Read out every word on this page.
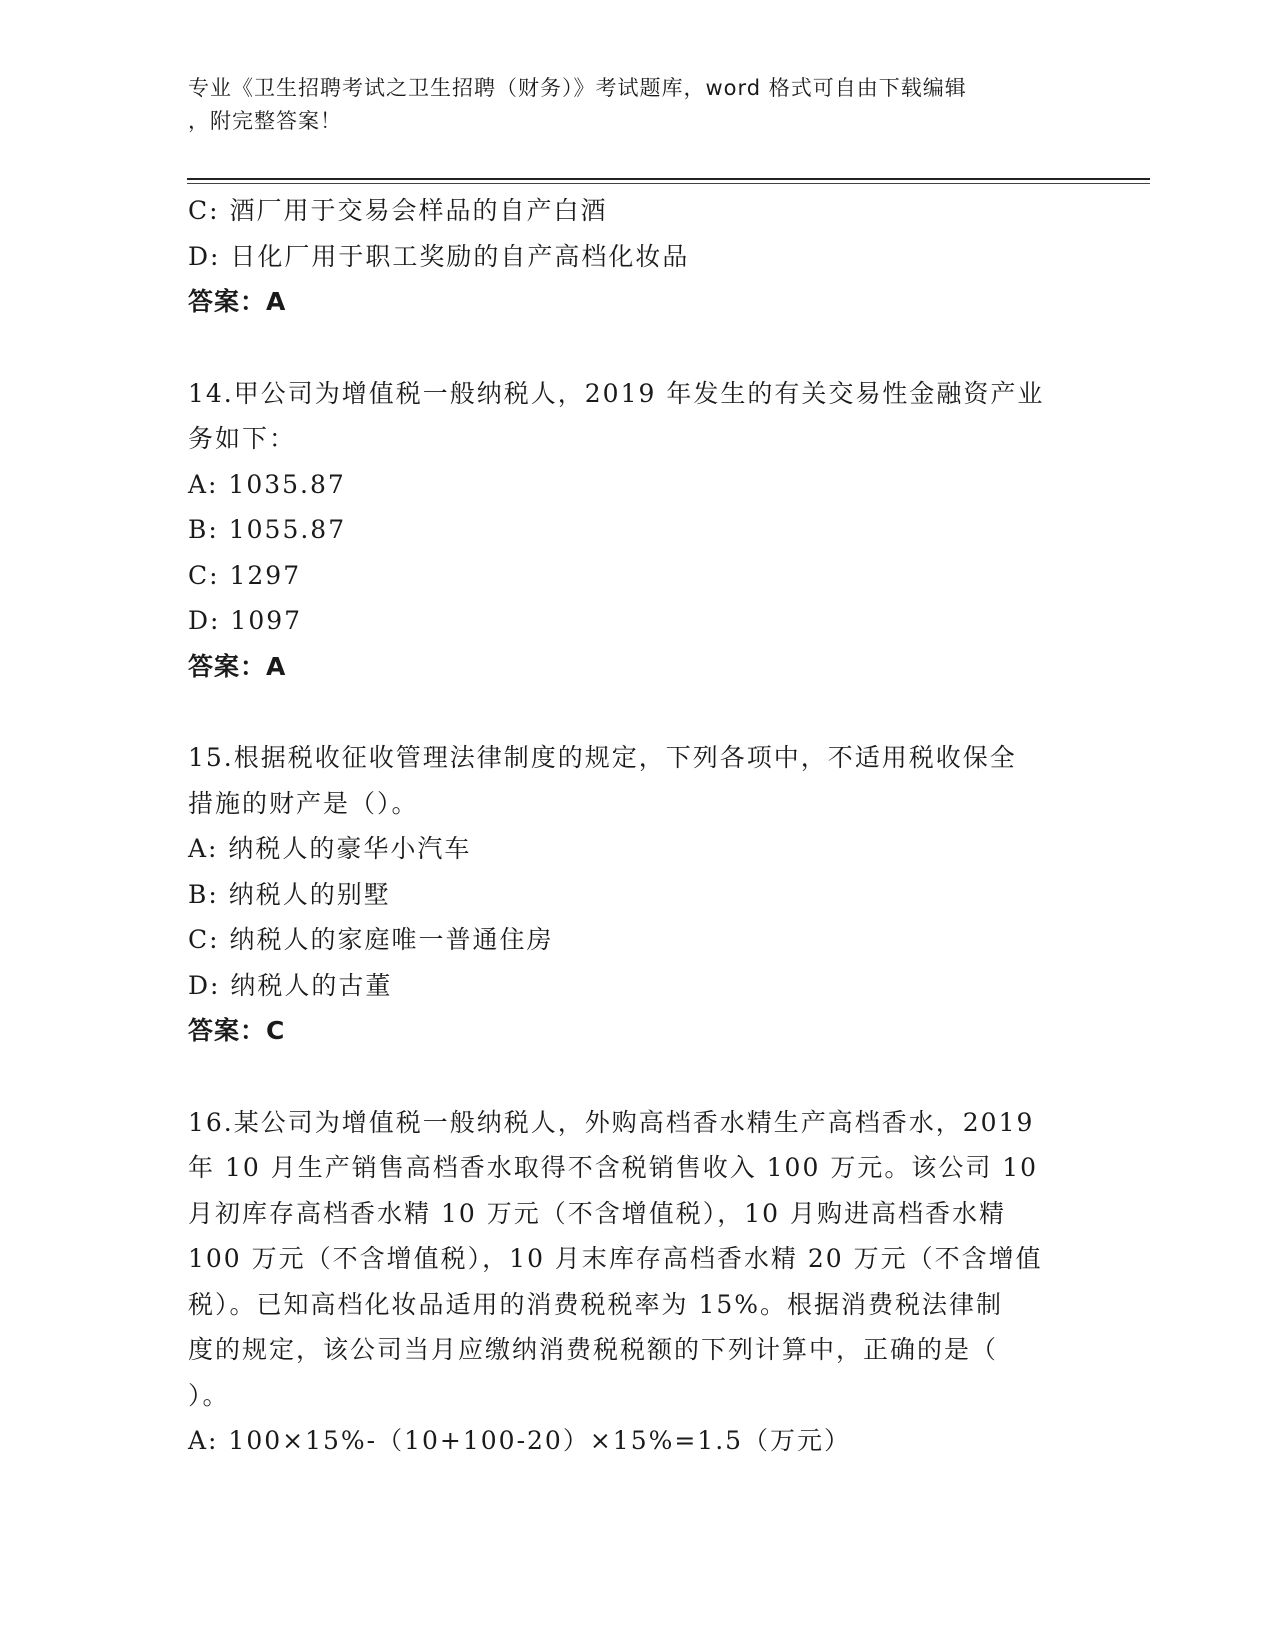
专业《卫生招聘考试之卫生招聘（财务）》考试题库，word 格式可自由下载编辑
，附完整答案！
C: 酒厂用于交易会样品的自产白酒
D: 日化厂用于职工奖励的自产高档化妆品
答案：A
14.甲公司为增值税一般纳税人，2019 年发生的有关交易性金融资产业
务如下：
A: 1035.87
B: 1055.87
C: 1297
D: 1097
答案：A
15.根据税收征收管理法律制度的规定，下列各项中，不适用税收保全
措施的财产是（）。
A: 纳税人的豪华小汽车
B: 纳税人的别墅
C: 纳税人的家庭唯一普通住房
D: 纳税人的古董
答案：C
16.某公司为增值税一般纳税人，外购高档香水精生产高档香水，2019
年 10 月生产销售高档香水取得不含税销售收入 100 万元。该公司 10
月初库存高档香水精 10 万元（不含增值税），10 月购进高档香水精
100 万元（不含增值税），10 月末库存高档香水精 20 万元（不含增值
税）。已知高档化妆品适用的消费税税率为 15%。根据消费税法律制
度的规定，该公司当月应缴纳消费税税额的下列计算中，正确的是（
）。
A: 100×15%-（10+100-20）×15%=1.5（万元）
